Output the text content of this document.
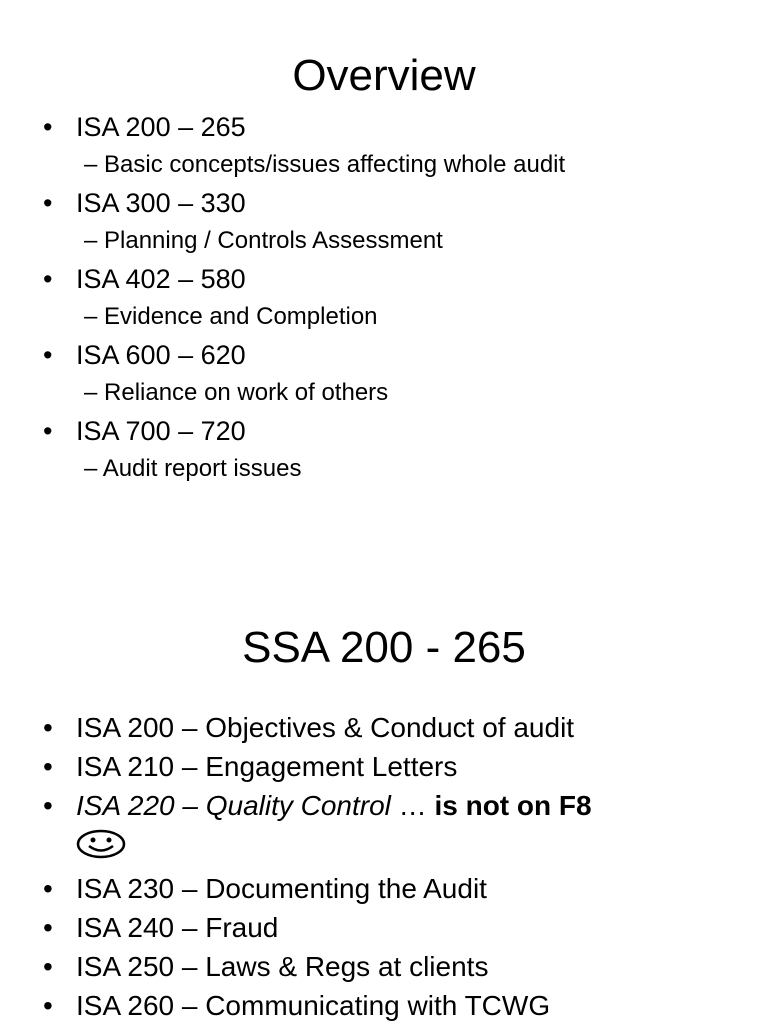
Overview
• ISA 200 – 265
– Basic concepts/issues affecting whole audit
• ISA 300 – 330
– Planning / Controls Assessment
• ISA 402 – 580
– Evidence and Completion
• ISA 600 – 620
– Reliance on work of others
• ISA 700 – 720
– Audit report issues
SSA 200 - 265
• ISA 200 – Objectives & Conduct of audit
• ISA 210 – Engagement Letters
• ISA 220 – Quality Control … is not on F8

• ISA 230 – Documenting the Audit
• ISA 240 – Fraud
• ISA 250 – Laws & Regs at clients
• ISA 260 – Communicating with TCWG
